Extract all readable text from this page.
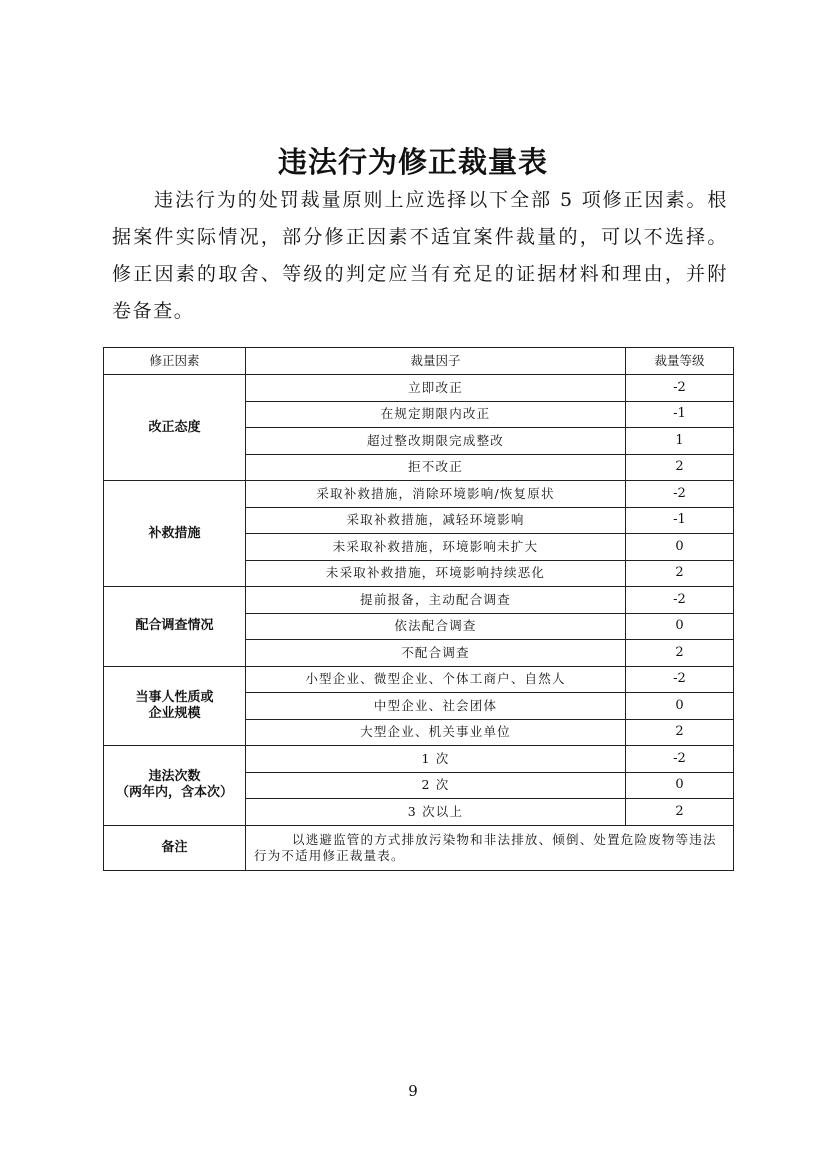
违法行为修正裁量表

违法行为的处罚裁量原则上应选择以下全部 5 项修正因素。根据案件实际情况，部分修正因素不适宜案件裁量的，可以不选择。修正因素的取舍、等级的判定应当有充足的证据材料和理由，并附卷备查。

修正因素	裁量因子	裁量等级

改正态度	立即改正	-2
	在规定期限内改正	-1
	超过整改期限完成整改	1
	拒不改正	2

补救措施	采取补救措施，消除环境影响/恢复原状	-2
	采取补救措施，减轻环境影响	-1
	未采取补救措施，环境影响未扩大	0
	未采取补救措施，环境影响持续恶化	2

配合调查情况	提前报备，主动配合调查	-2
	依法配合调查	0
	不配合调查	2

当事人性质或
企业规模	小型企业、微型企业、个体工商户、自然人	-2
	中型企业、社会团体	0
	大型企业、机关事业单位	2

违法次数
（两年内，含本次）	1 次	-2
	2 次	0
	3 次以上	2
备注	以逃避监管的方式排放污染物和非法排放、倾倒、处置危险废物等违法行为不适用修正裁量表。	
9
